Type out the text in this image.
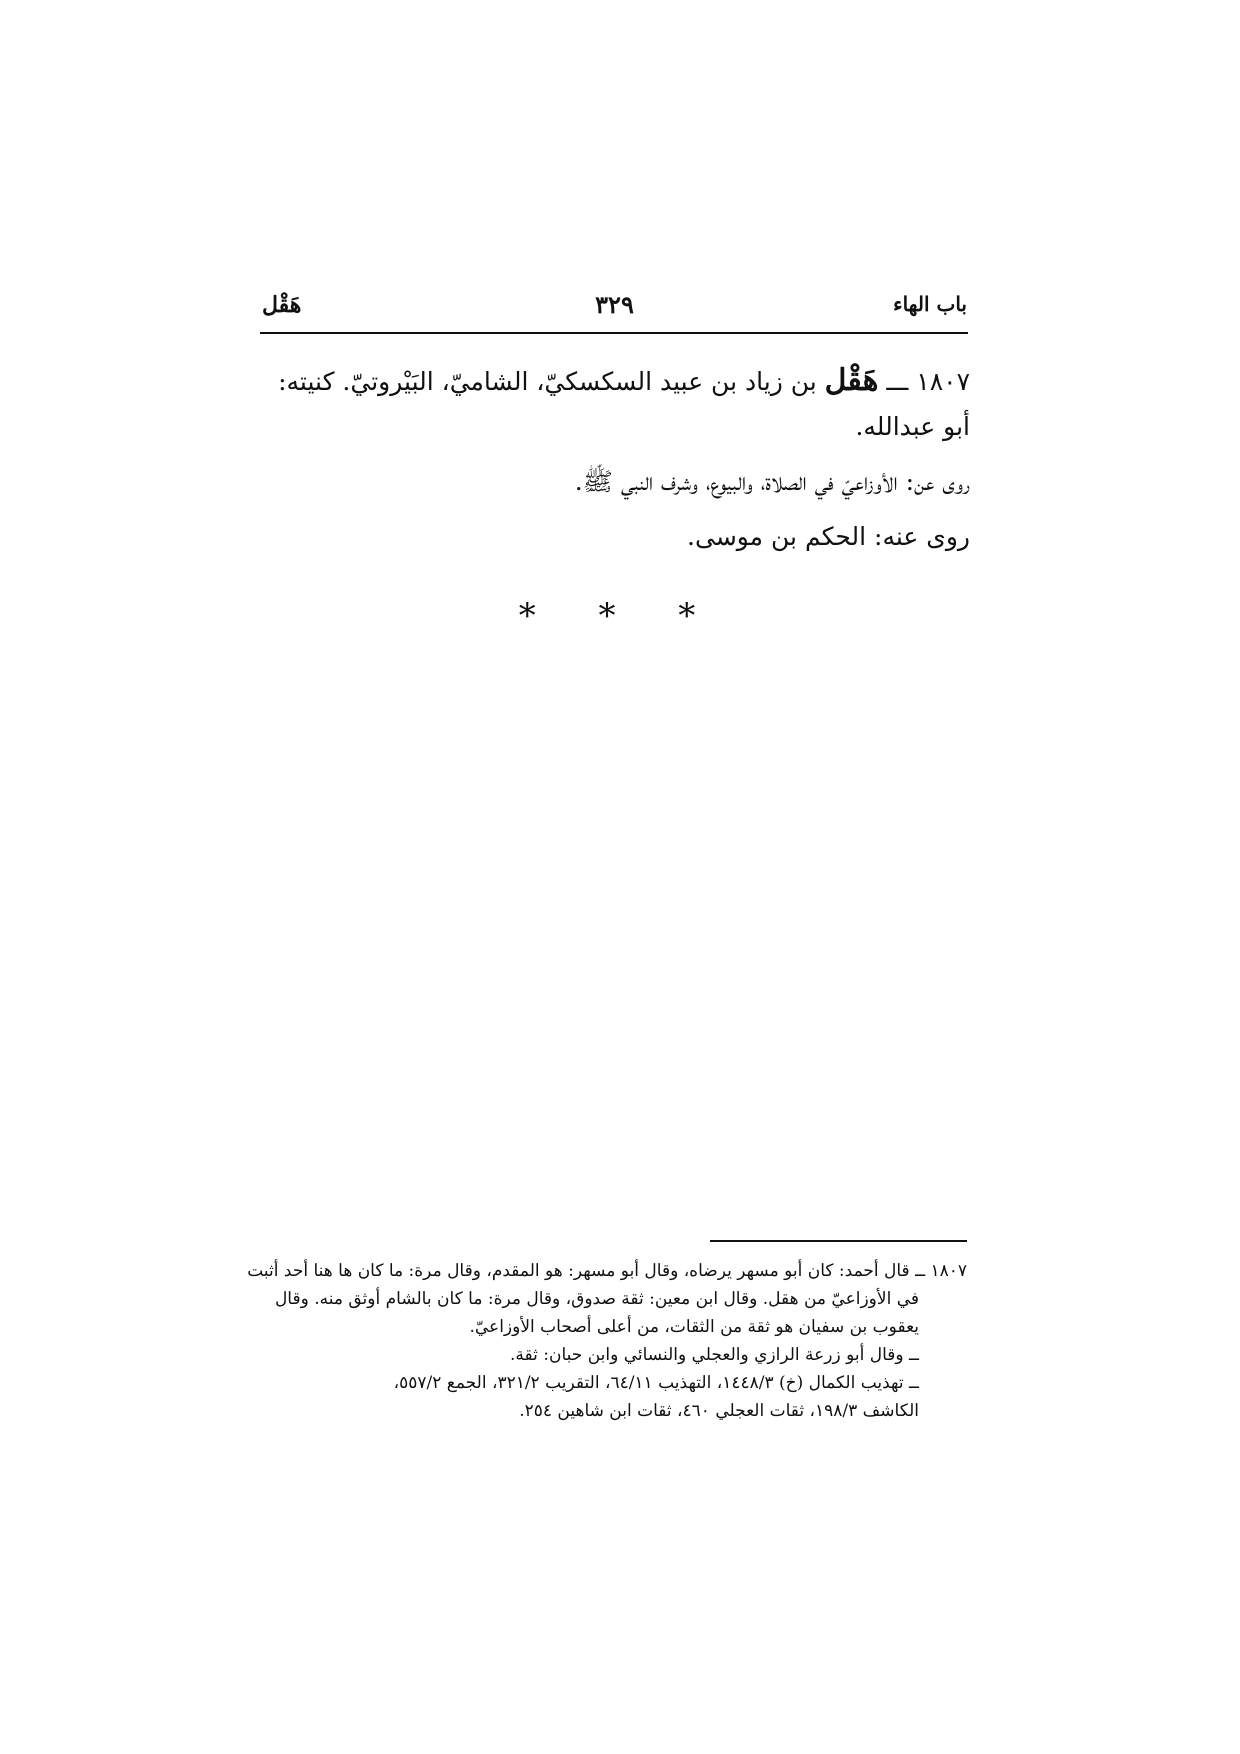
باب الهاء
٣٢٩
هَقْل

١٨٠٧ ـــ هَقْل بن زياد بن عبيد السكسكيّ، الشاميّ، البَيْروتيّ. كنيته:

أبو عبدالله.

روى عن: الأوزاعيّ في الصلاة، والبيوع، وشرف النبي ﷺ.

روى عنه: الحكم بن موسى.

* * *
١٨٠٧ ــ قال أحمد: كان أبو مسهر يرضاه، وقال أبو مسهر: هو المقدم، وقال مرة: ما كان ها هنا أحد أثبت
في الأوزاعيّ من هقل. وقال ابن معين: ثقة صدوق، وقال مرة: ما كان بالشام أوثق منه. وقال
يعقوب بن سفيان هو ثقة من الثقات، من أعلى أصحاب الأوزاعيّ.
ــ وقال أبو زرعة الرازي والعجلي والنسائي وابن حبان: ثقة.
ــ تهذيب الكمال (خ) ١٤٤٨/٣، التهذيب ٦٤/١١، التقريب ٣٢١/٢، الجمع ٥٥٧/٢،
الكاشف ١٩٨/٣، ثقات العجلي ٤٦٠، ثقات ابن شاهين ٢٥٤.
